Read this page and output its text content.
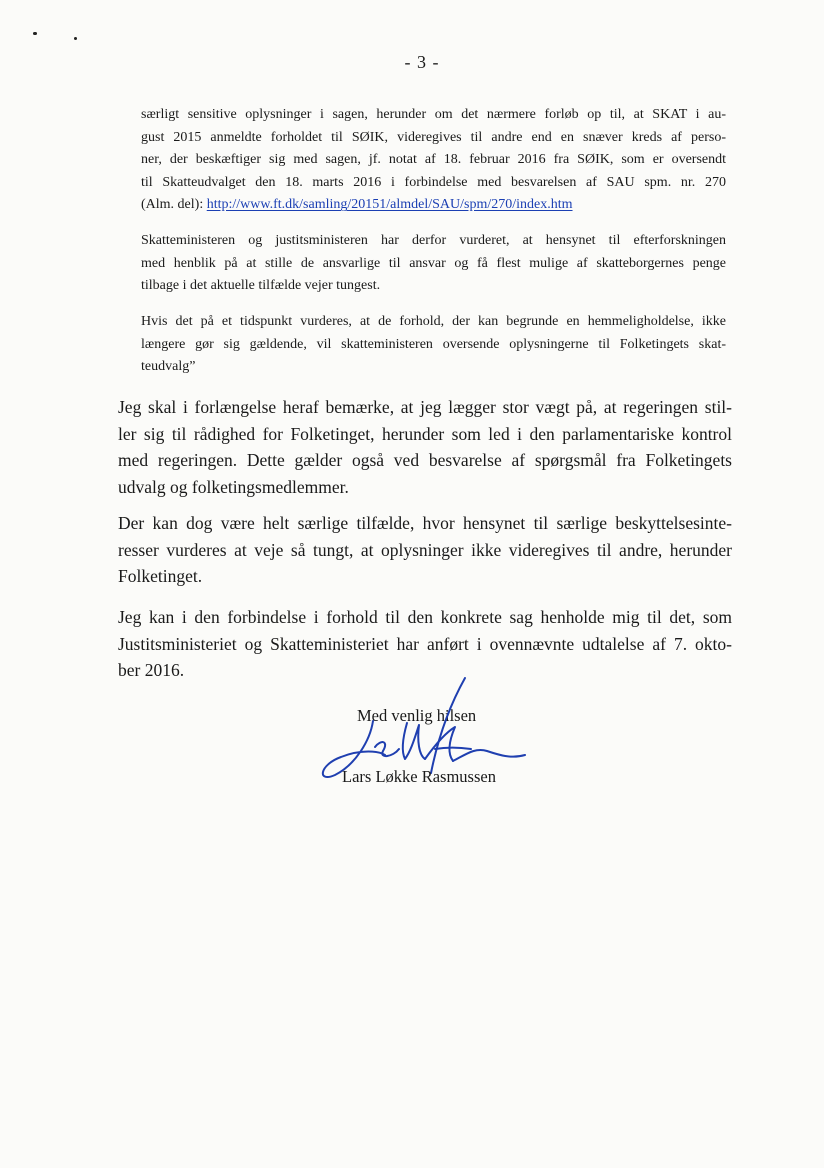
- 3 -
særligt sensitive oplysninger i sagen, herunder om det nærmere forløb op til, at SKAT i au-
gust 2015 anmeldte forholdet til SØIK, videregives til andre end en snæver kreds af perso-
ner, der beskæftiger sig med sagen, jf. notat af 18. februar 2016 fra SØIK, som er oversendt
til Skatteudvalget den 18. marts 2016 i forbindelse med besvarelsen af SAU spm. nr. 270
(Alm. del): http://www.ft.dk/samling/20151/almdel/SAU/spm/270/index.htm
Skatteministeren og justitsministeren har derfor vurderet, at hensynet til efterforskningen
med henblik på at stille de ansvarlige til ansvar og få flest mulige af skatteborgernes penge
tilbage i det aktuelle tilfælde vejer tungest.
Hvis det på et tidspunkt vurderes, at de forhold, der kan begrunde en hemmeligholdelse, ikke
længere gør sig gældende, vil skatteministeren oversende oplysningerne til Folketingets skat-
teudvalg”
Jeg skal i forlængelse heraf bemærke, at jeg lægger stor vægt på, at regeringen stil-
ler sig til rådighed for Folketinget, herunder som led i den parlamentariske kontrol
med regeringen. Dette gælder også ved besvarelse af spørgsmål fra Folketingets
udvalg og folketingsmedlemmer.
Der kan dog være helt særlige tilfælde, hvor hensynet til særlige beskyttelsesinte-
resser vurderes at veje så tungt, at oplysninger ikke videregives til andre, herunder
Folketinget.
Jeg kan i den forbindelse i forhold til den konkrete sag henholde mig til det, som
Justitsministeriet og Skatteministeriet har anført i ovennævnte udtalelse af 7. okto-
ber 2016.
Med venlig hilsen
Lars Løkke Rasmussen
